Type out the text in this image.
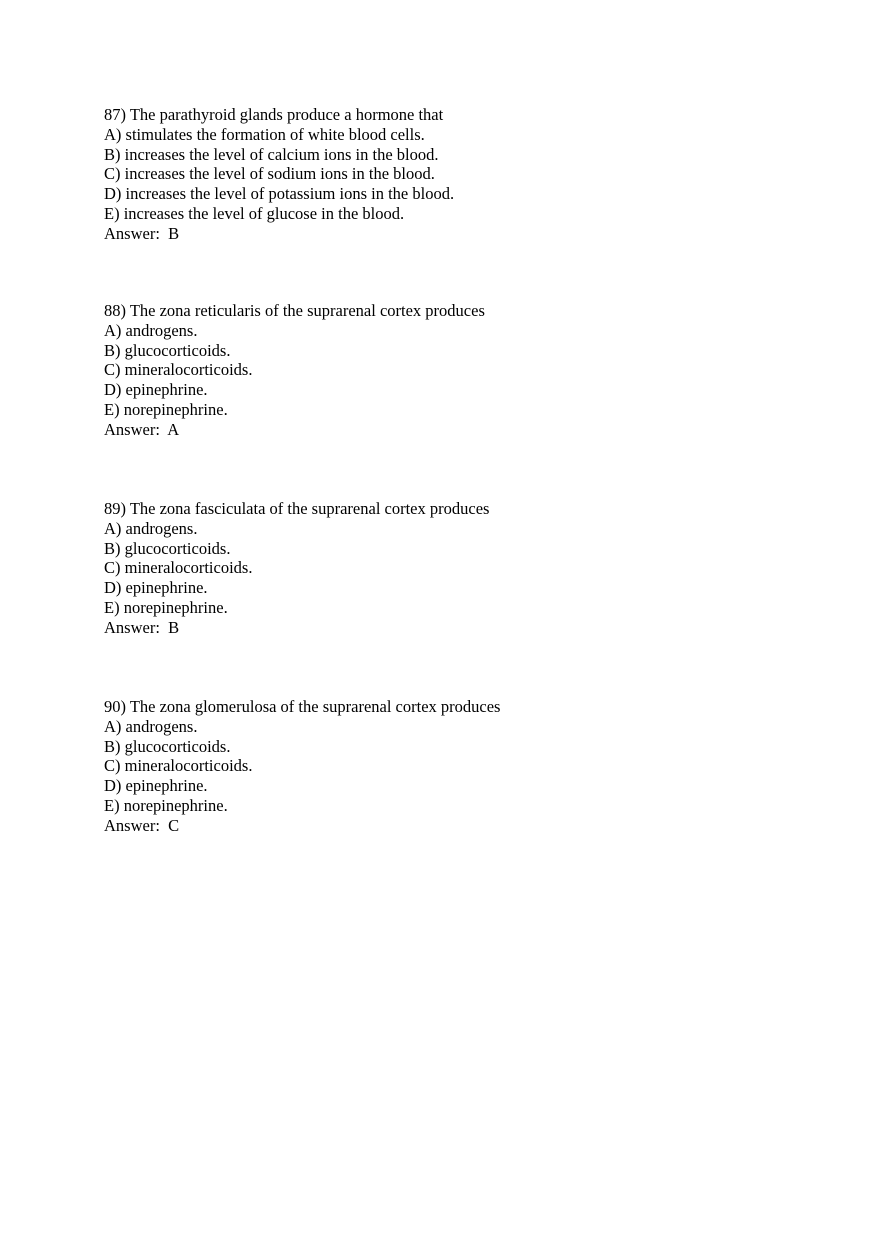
87) The parathyroid glands produce a hormone that
A) stimulates the formation of white blood cells.
B) increases the level of calcium ions in the blood.
C) increases the level of sodium ions in the blood.
D) increases the level of potassium ions in the blood.
E) increases the level of glucose in the blood.
Answer:  B
88) The zona reticularis of the suprarenal cortex produces
A) androgens.
B) glucocorticoids.
C) mineralocorticoids.
D) epinephrine.
E) norepinephrine.
Answer:  A
89) The zona fasciculata of the suprarenal cortex produces
A) androgens.
B) glucocorticoids.
C) mineralocorticoids.
D) epinephrine.
E) norepinephrine.
Answer:  B
90) The zona glomerulosa of the suprarenal cortex produces
A) androgens.
B) glucocorticoids.
C) mineralocorticoids.
D) epinephrine.
E) norepinephrine.
Answer:  C
